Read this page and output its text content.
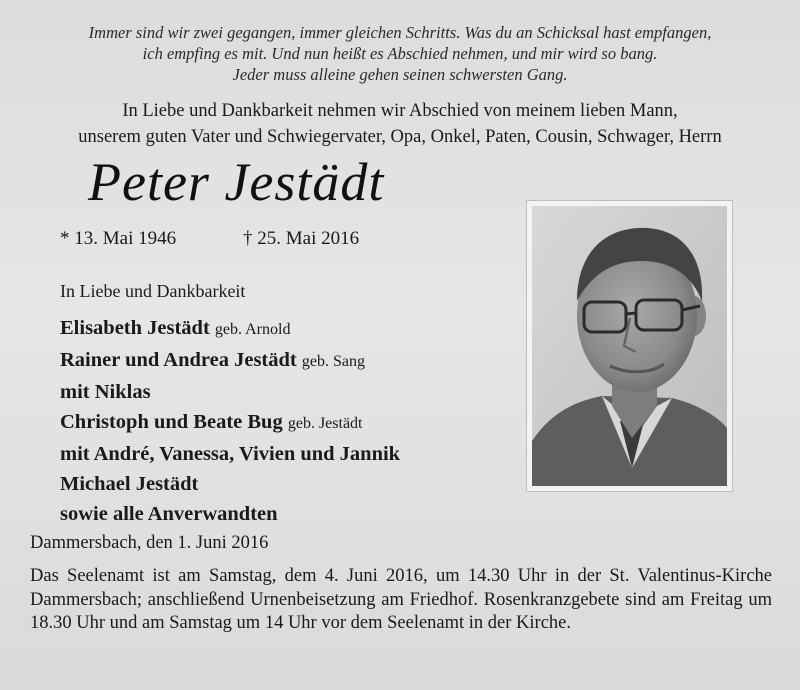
Immer sind wir zwei gegangen, immer gleichen Schritts. Was du an Schicksal hast empfangen,
ich empfing es mit. Und nun heißt es Abschied nehmen, und mir wird so bang.
Jeder muss alleine gehen seinen schwersten Gang.
In Liebe und Dankbarkeit nehmen wir Abschied von meinem lieben Mann,
unserem guten Vater und Schwiegervater, Opa, Onkel, Paten, Cousin, Schwager, Herrn
Peter Jestädt
* 13. Mai 1946	† 25. Mai 2016
In Liebe und Dankbarkeit
Elisabeth Jestädt geb. Arnold
Rainer und Andrea Jestädt geb. Sang
mit Niklas
Christoph und Beate Bug geb. Jestädt
mit André, Vanessa, Vivien und Jannik
Michael Jestädt
sowie alle Anverwandten
Dammersbach, den 1. Juni 2016
Das Seelenamt ist am Samstag, dem 4. Juni 2016, um 14.30 Uhr in der St. Valentinus-Kirche Dammersbach; anschließend Urnenbeisetzung am Friedhof. Rosenkranzgebete sind am Freitag um 18.30 Uhr und am Samstag um 14 Uhr vor dem Seelenamt in der Kirche.
